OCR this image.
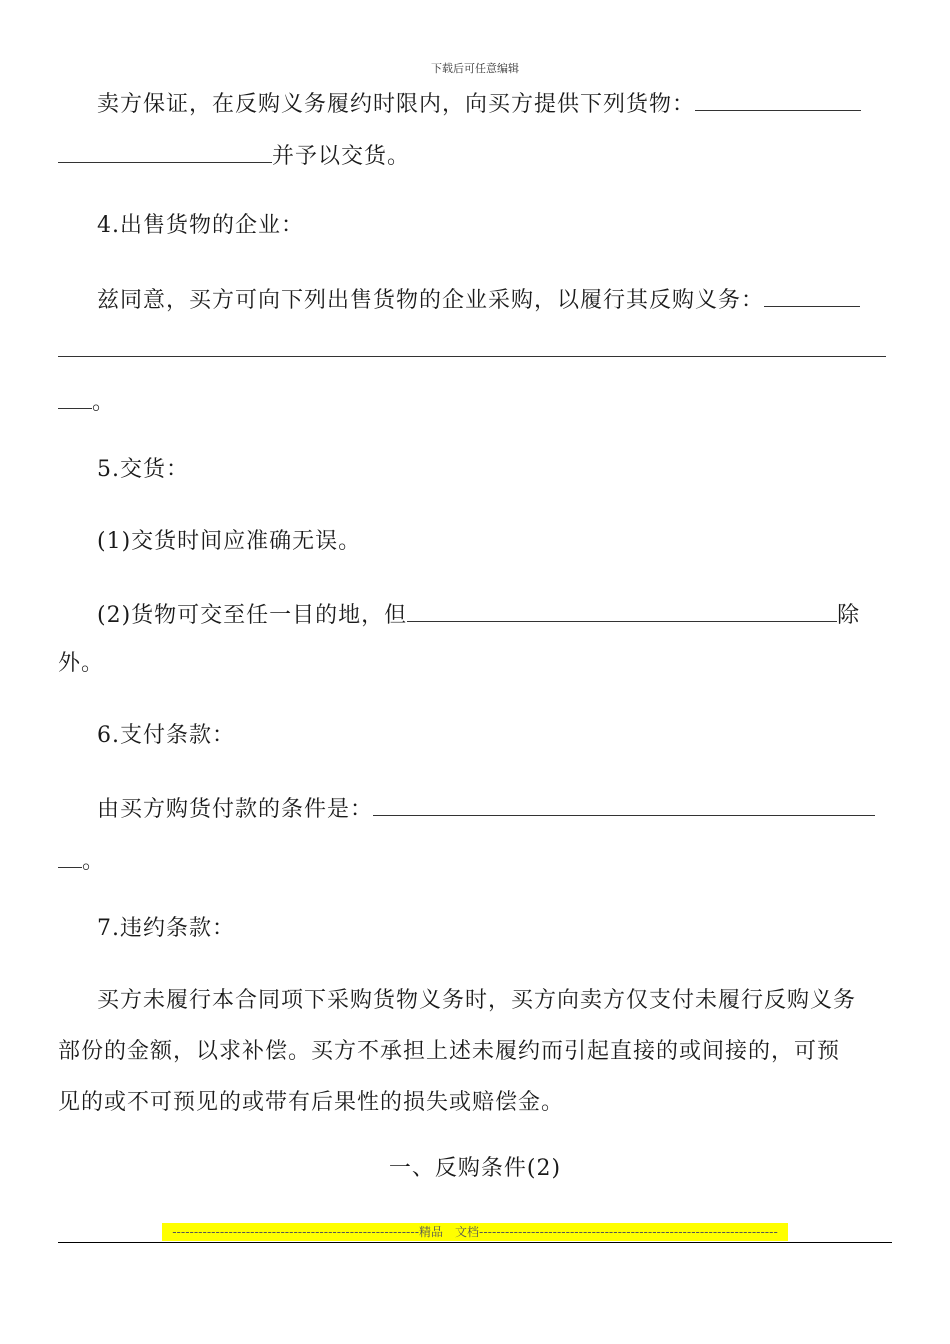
下载后可任意编辑
卖方保证，在反购义务履约时限内，向买方提供下列货物：
并予以交货。
4.出售货物的企业：
兹同意，买方可向下列出售货物的企业采购，以履行其反购义务：
。
5.交货：
(1)交货时间应准确无误。
(2)货物可交至任一目的地，但	除
外。
6.支付条款：
由买方购货付款的条件是：
。
7.违约条款：
买方未履行本合同项下采购货物义务时，买方向卖方仅支付未履行反购义务
部份的金额，以求补偿。买方不承担上述未履约而引起直接的或间接的，可预
见的或不可预见的或带有后果性的损失或赔偿金。
一、反购条件(2)
---------------------------------------------------------精品　文档---------------------------------------------------------------------
